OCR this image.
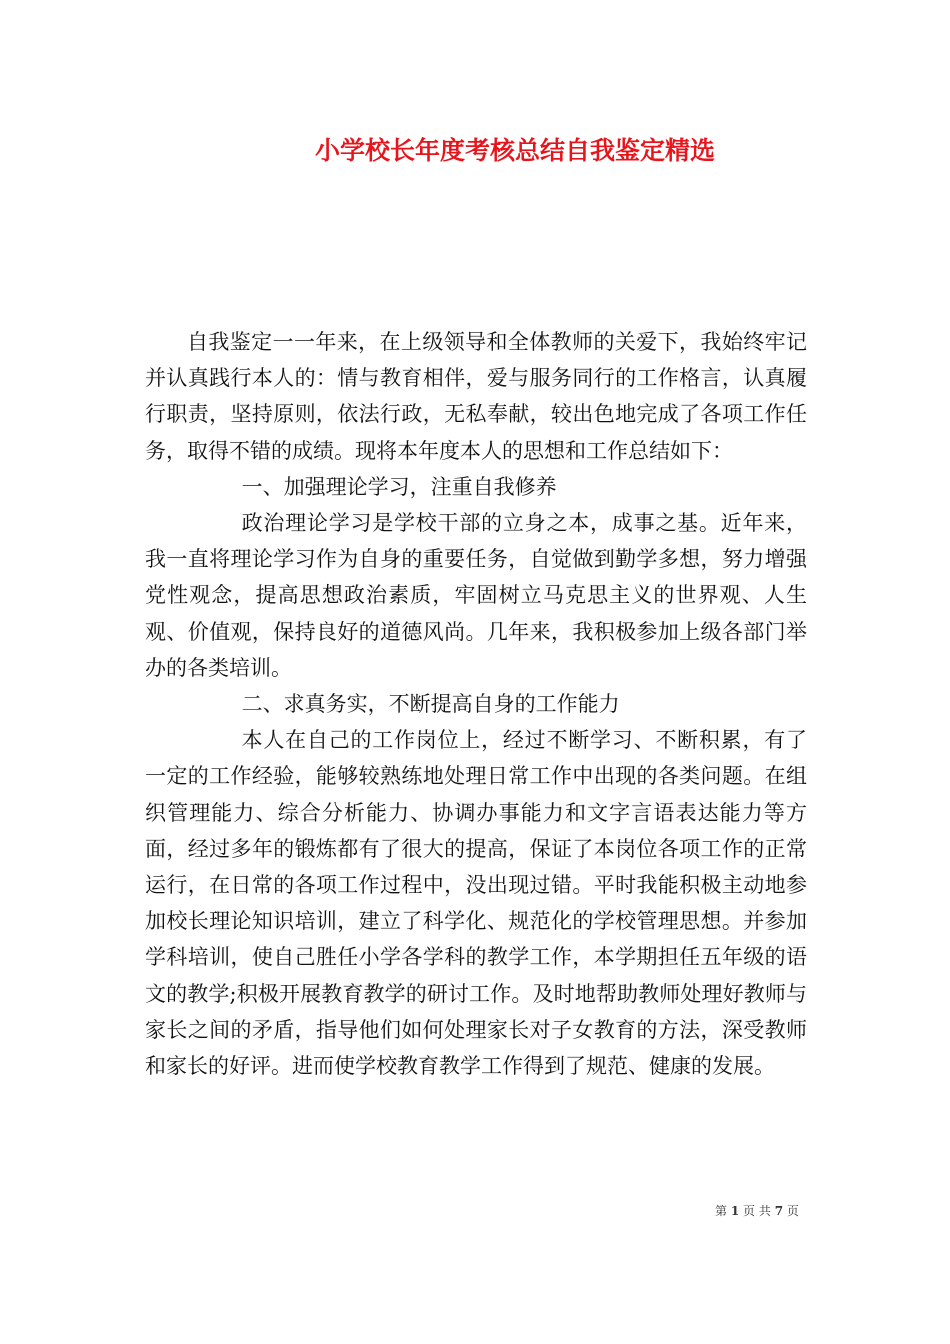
小学校长年度考核总结自我鉴定精选

自我鉴定一一年来，在上级领导和全体教师的关爱下，我始终牢记并认真践行本人的：情与教育相伴，爱与服务同行的工作格言，认真履行职责，坚持原则，依法行政，无私奉献，较出色地完成了各项工作任务，取得不错的成绩。现将本年度本人的思想和工作总结如下：

一、加强理论学习，注重自我修养

政治理论学习是学校干部的立身之本，成事之基。近年来，我一直将理论学习作为自身的重要任务，自觉做到勤学多想，努力增强党性观念，提高思想政治素质，牢固树立马克思主义的世界观、人生观、价值观，保持良好的道德风尚。几年来，我积极参加上级各部门举办的各类培训。

二、求真务实，不断提高自身的工作能力

本人在自己的工作岗位上，经过不断学习、不断积累，有了一定的工作经验，能够较熟练地处理日常工作中出现的各类问题。在组织管理能力、综合分析能力、协调办事能力和文字言语表达能力等方面，经过多年的锻炼都有了很大的提高，保证了本岗位各项工作的正常运行，在日常的各项工作过程中，没出现过错。平时我能积极主动地参加校长理论知识培训，建立了科学化、规范化的学校管理思想。并参加学科培训，使自己胜任小学各学科的教学工作，本学期担任五年级的语文的教学;积极开展教育教学的研讨工作。及时地帮助教师处理好教师与家长之间的矛盾，指导他们如何处理家长对子女教育的方法，深受教师和家长的好评。进而使学校教育教学工作得到了规范、健康的发展。

第 1 页 共 7 页
